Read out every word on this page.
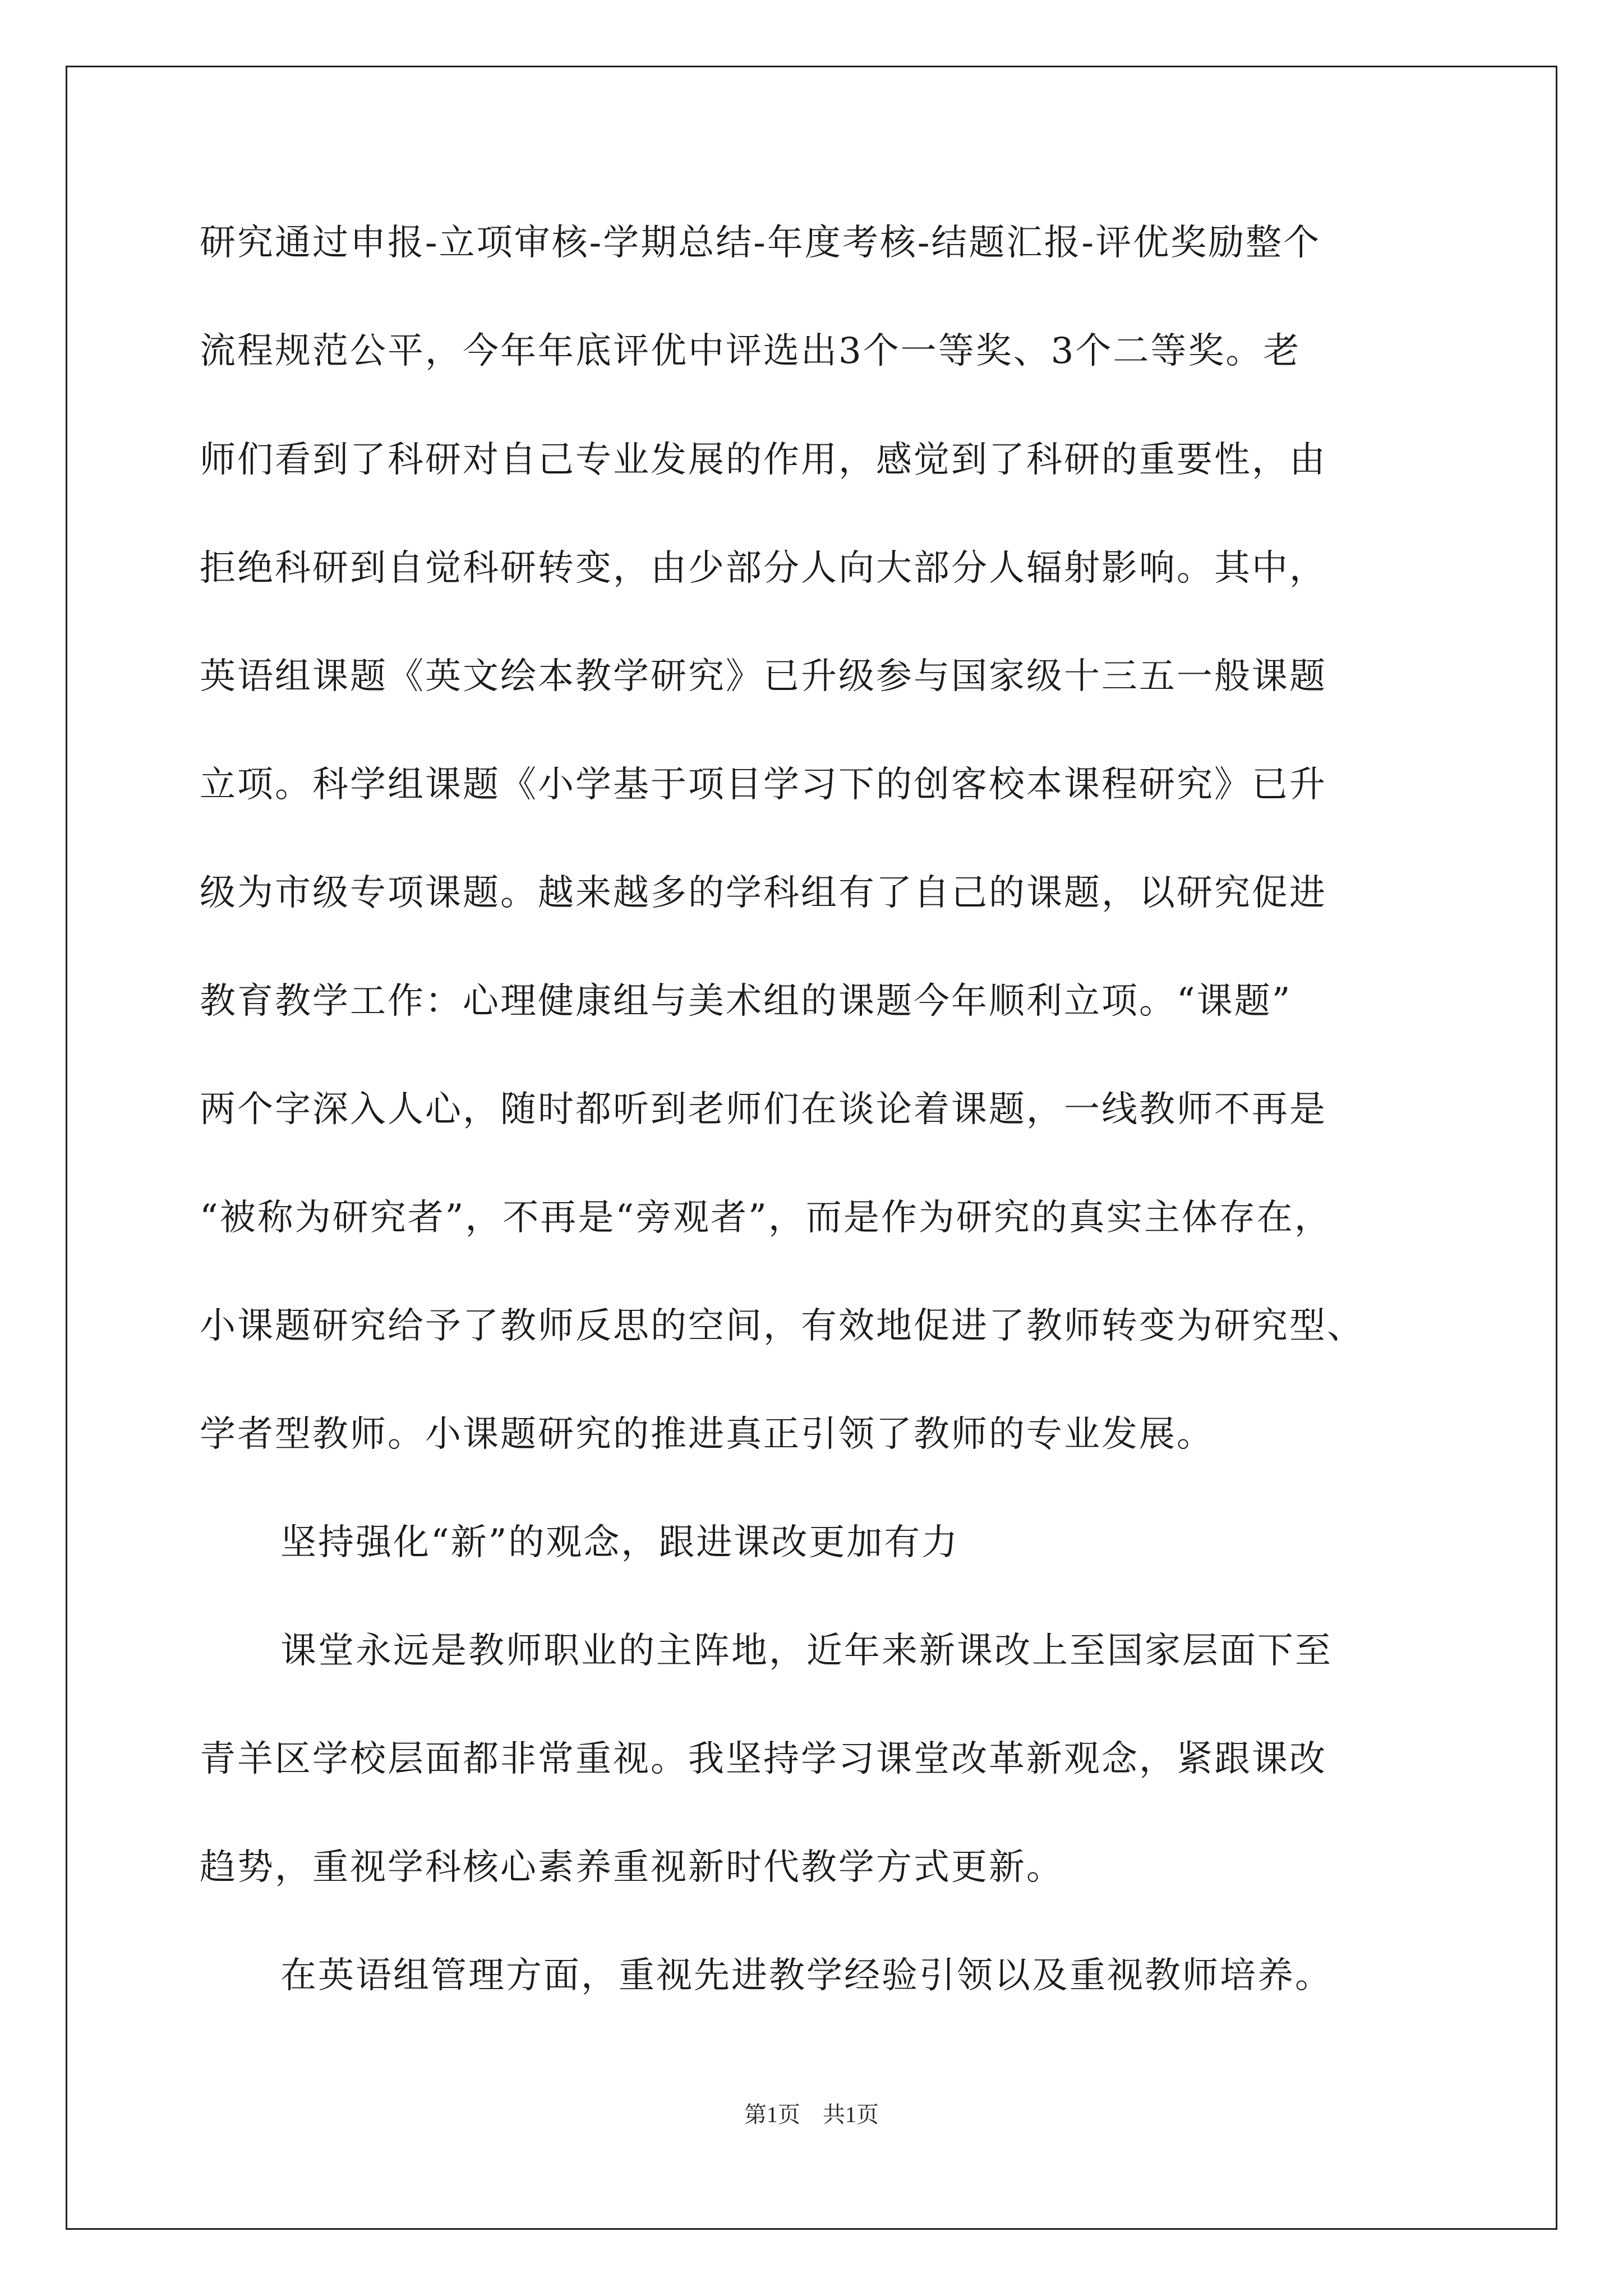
研究通过申报-立项审核-学期总结-年度考核-结题汇报-评优奖励整个
流程规范公平，今年年底评优中评选出3个一等奖、3个二等奖。老
师们看到了科研对自己专业发展的作用，感觉到了科研的重要性，由
拒绝科研到自觉科研转变，由少部分人向大部分人辐射影响。其中，
英语组课题《英文绘本教学研究》已升级参与国家级十三五一般课题
立项。科学组课题《小学基于项目学习下的创客校本课程研究》已升
级为市级专项课题。越来越多的学科组有了自己的课题，以研究促进
教育教学工作：心理健康组与美术组的课题今年顺利立项。“课题”
两个字深入人心，随时都听到老师们在谈论着课题，一线教师不再是
“被称为研究者”，不再是“旁观者”，而是作为研究的真实主体存在，
小课题研究给予了教师反思的空间，有效地促进了教师转变为研究型、
学者型教师。小课题研究的推进真正引领了教师的专业发展。
坚持强化“新”的观念，跟进课改更加有力
课堂永远是教师职业的主阵地，近年来新课改上至国家层面下至
青羊区学校层面都非常重视。我坚持学习课堂改革新观念，紧跟课改
趋势，重视学科核心素养重视新时代教学方式更新。
在英语组管理方面，重视先进教学经验引领以及重视教师培养。
第1页 共1页
